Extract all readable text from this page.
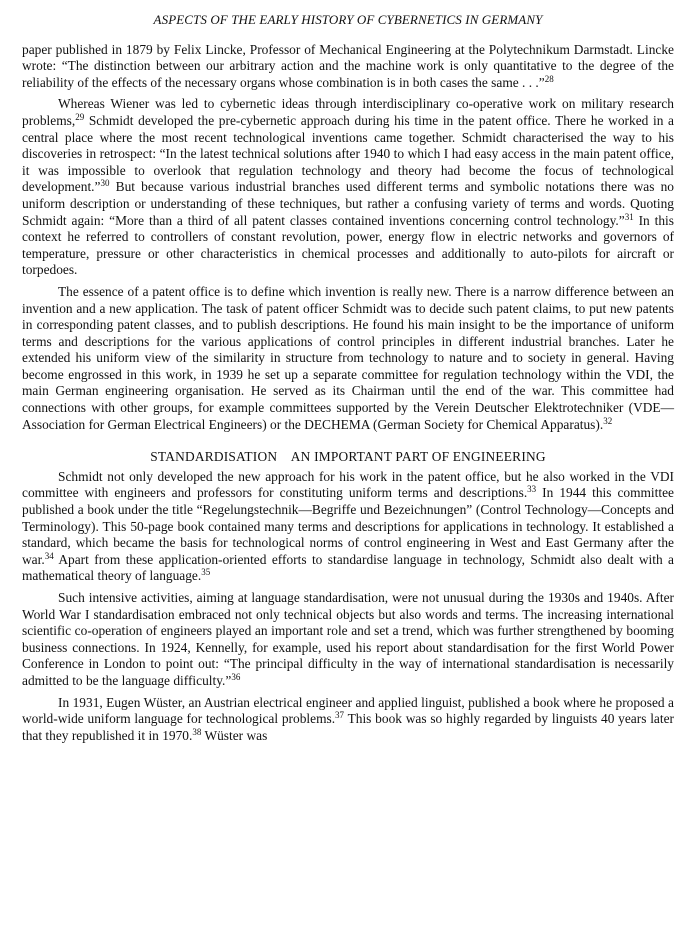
ASPECTS OF THE EARLY HISTORY OF CYBERNETICS IN GERMANY

paper published in 1879 by Felix Lincke, Professor of Mechanical Engineering at the Polytechnikum Darmstadt. Lincke wrote: “The distinction between our arbitrary action and the machine work is only quantitative to the degree of the reliability of the effects of the necessary organs whose combination is in both cases the same . . .”$^{28}$

Whereas Wiener was led to cybernetic ideas through interdisciplinary co-operative work on military research problems,$^{29}$ Schmidt developed the pre-cybernetic approach during his time in the patent office. There he worked in a central place where the most recent technological inventions came together. Schmidt characterised the way to his discoveries in retrospect: “In the latest technical solutions after 1940 to which I had easy access in the main patent office, it was impossible to overlook that regulation technology and theory had become the focus of technological development.”$^{30}$ But because various industrial branches used different terms and symbolic notations there was no uniform description or understanding of these techniques, but rather a confusing variety of terms and words. Quoting Schmidt again: “More than a third of all patent classes contained inventions concerning control technology.”$^{31}$ In this context he referred to controllers of constant revolution, power, energy flow in electric networks and governors of temperature, pressure or other characteristics in chemical processes and additionally to auto-pilots for aircraft or torpedoes.

The essence of a patent office is to define which invention is really new. There is a narrow difference between an invention and a new application. The task of patent officer Schmidt was to decide such patent claims, to put new patents in corresponding patent classes, and to publish descriptions. He found his main insight to be the importance of uniform terms and descriptions for the various applications of control principles in different industrial branches. Later he extended his uniform view of the similarity in structure from technology to nature and to society in general. Having become engrossed in this work, in 1939 he set up a separate committee for regulation technology within the VDI, the main German engineering organisation. He served as its Chairman until the end of the war. This committee had connections with other groups, for example committees supported by the Verein Deutscher Elektrotechniker (VDE—Association for German Electrical Engineers) or the DECHEMA (German Society for Chemical Apparatus).$^{32}$

STANDARDISATION AN IMPORTANT PART OF ENGINEERING

Schmidt not only developed the new approach for his work in the patent office, but he also worked in the VDI committee with engineers and professors for constituting uniform terms and descriptions.$^{33}$ In 1944 this committee published a book under the title “Regelungstechnik—Begriffe und Bezeichnungen” (Control Technology—Concepts and Terminology). This 50-page book contained many terms and descriptions for applications in technology. It established a standard, which became the basis for technological norms of control engineering in West and East Germany after the war.$^{34}$ Apart from these application-oriented efforts to standardise language in technology, Schmidt also dealt with a mathematical theory of language.$^{35}$

Such intensive activities, aiming at language standardisation, were not unusual during the 1930s and 1940s. After World War I standardisation embraced not only technical objects but also words and terms. The increasing international scientific co-operation of engineers played an important role and set a trend, which was further strengthened by booming business connections. In 1924, Kennelly, for example, used his report about standardisation for the first World Power Conference in London to point out: “The principal difficulty in the way of international standardisation is necessarily admitted to be the language difficulty.”$^{36}$

In 1931, Eugen Wüster, an Austrian electrical engineer and applied linguist, published a book where he proposed a world-wide uniform language for technological problems.$^{37}$ This book was so highly regarded by linguists 40 years later that they republished it in 1970.38 Wüster was
